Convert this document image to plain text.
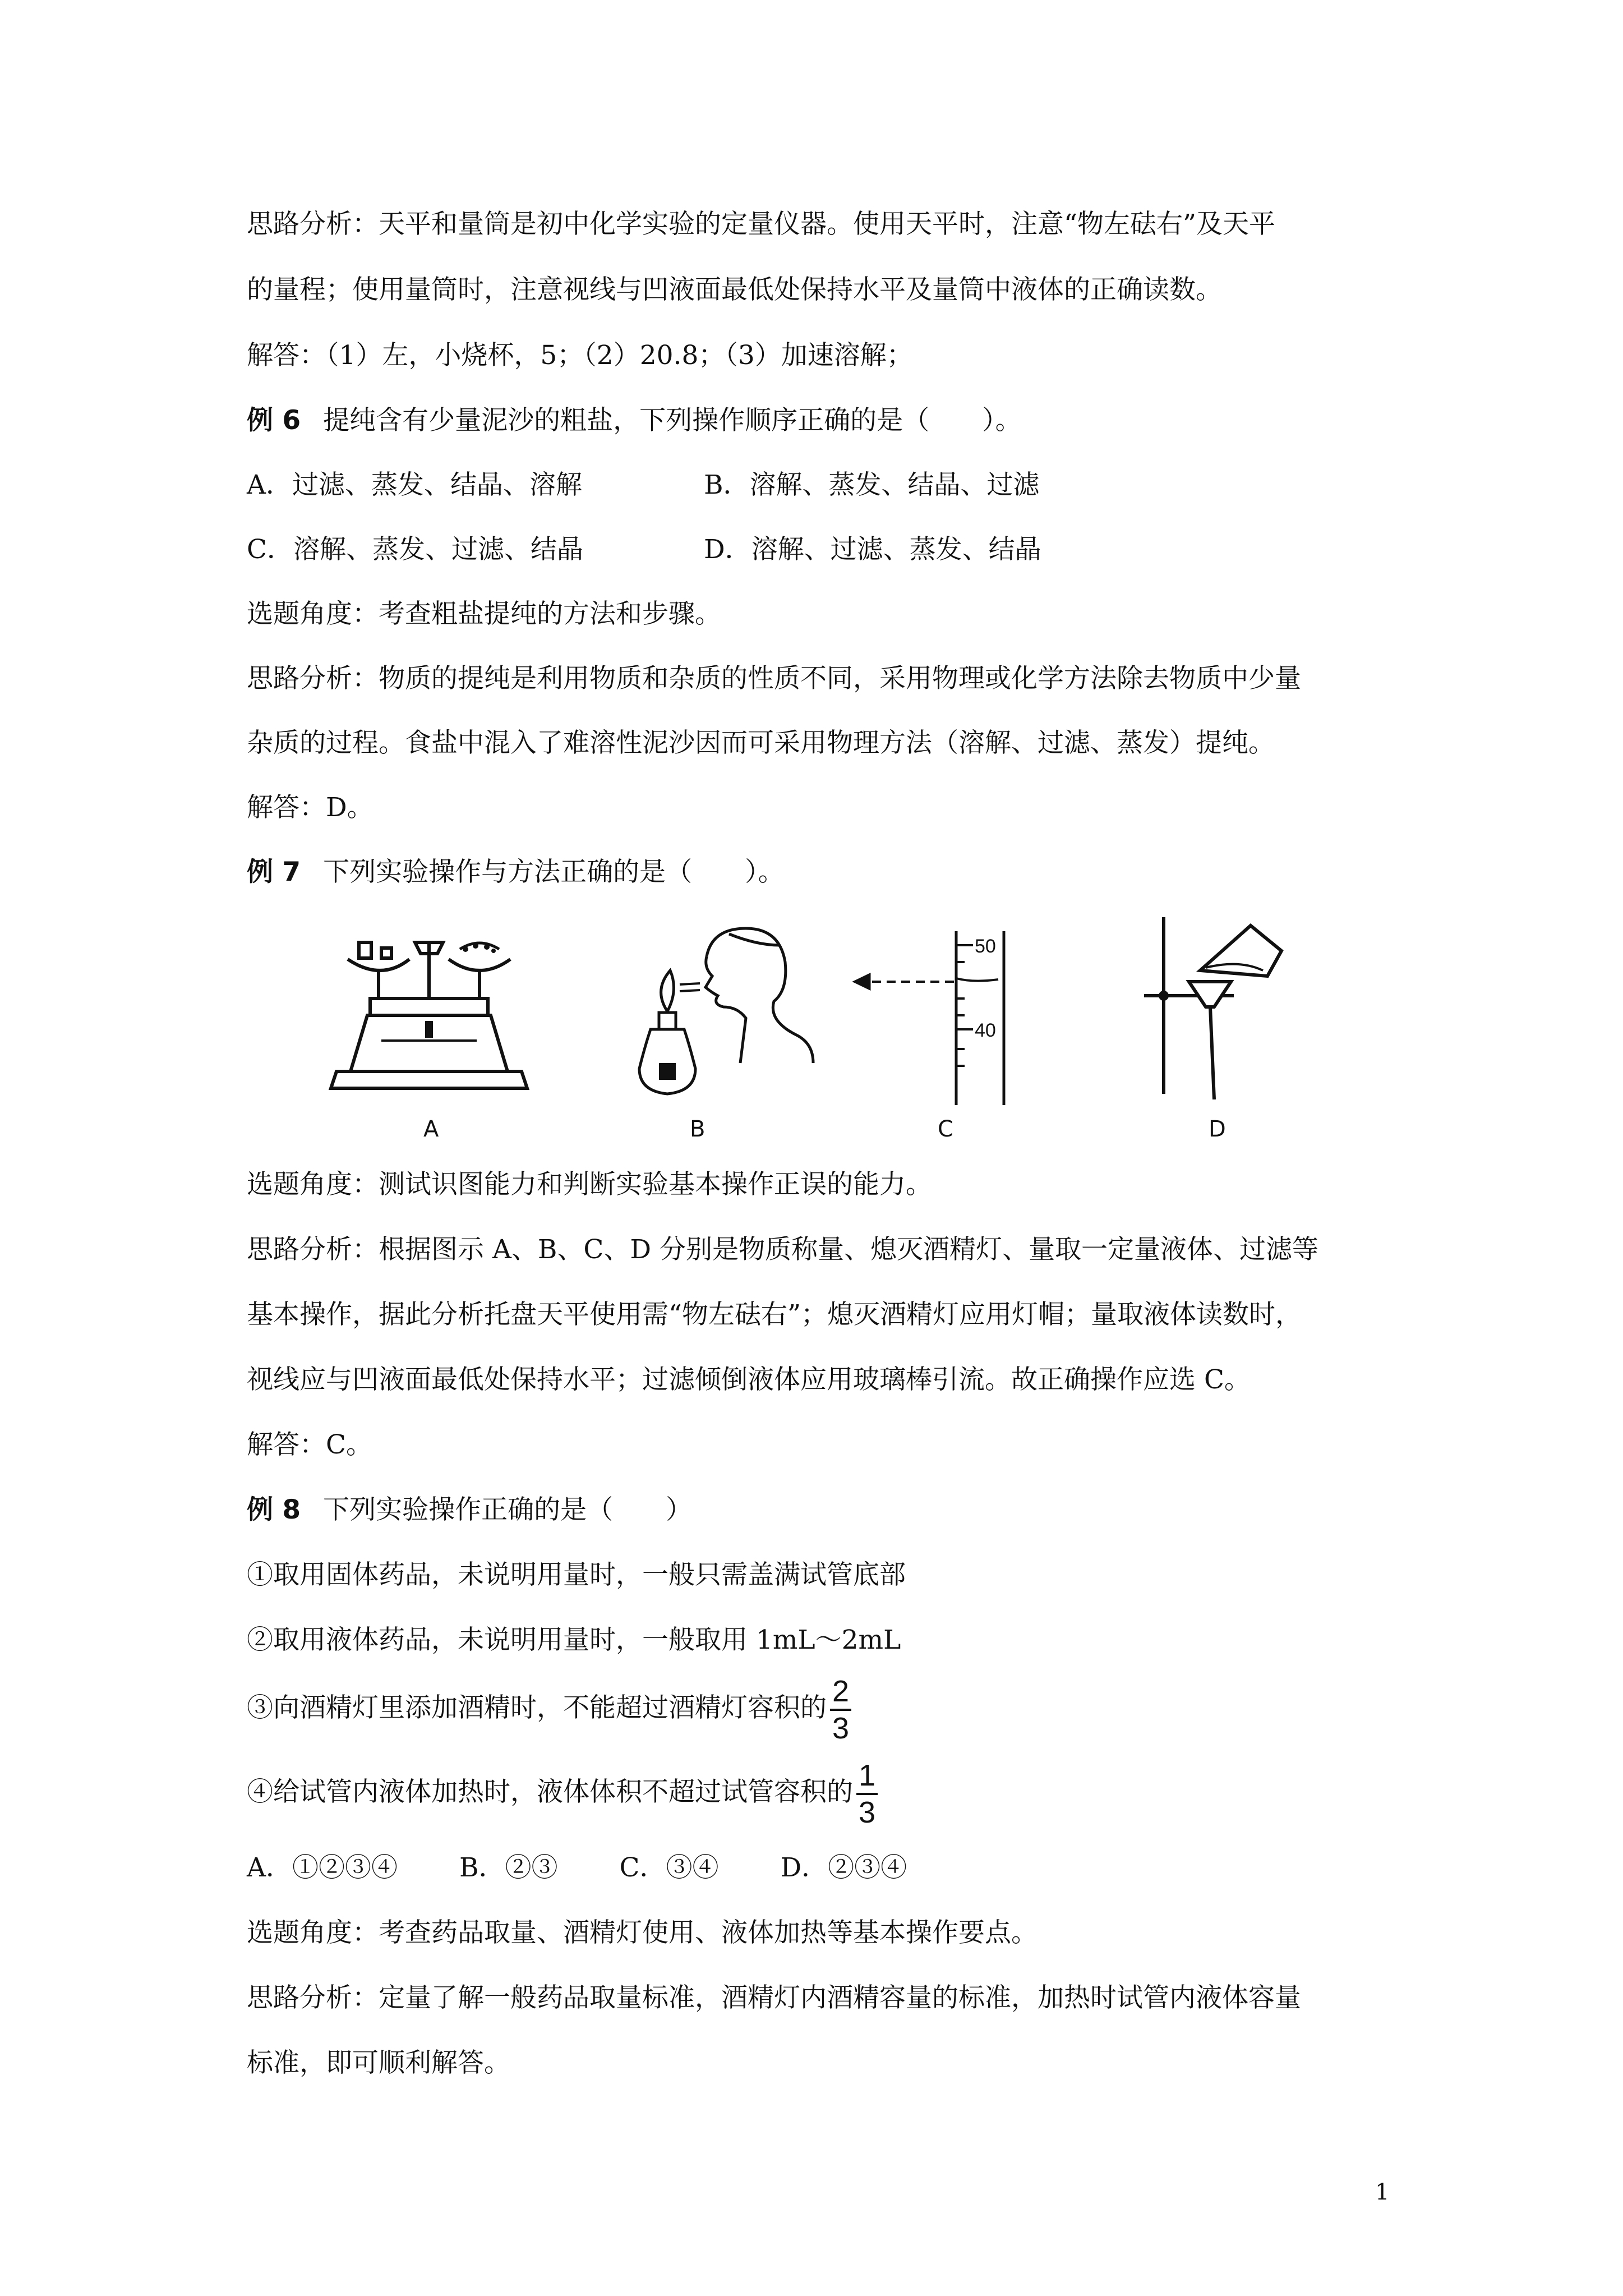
思路分析：天平和量筒是初中化学实验的定量仪器。使用天平时，注意“物左砝右”及天平
的量程；使用量筒时，注意视线与凹液面最低处保持水平及量筒中液体的正确读数。
解答：（1）左，小烧杯，5；（2）20.8；（3）加速溶解；
例 6 提纯含有少量泥沙的粗盐，下列操作顺序正确的是（　　）。
A．过滤、蒸发、结晶、溶解	B．溶解、蒸发、结晶、过滤
C．溶解、蒸发、过滤、结晶	D．溶解、过滤、蒸发、结晶
选题角度：考查粗盐提纯的方法和步骤。
思路分析：物质的提纯是利用物质和杂质的性质不同，采用物理或化学方法除去物质中少量
杂质的过程。食盐中混入了难溶性泥沙因而可采用物理方法（溶解、过滤、蒸发）提纯。
解答：D。
例 7 下列实验操作与方法正确的是（　　）。
A	B
50
40
C	D
选题角度：测试识图能力和判断实验基本操作正误的能力。
思路分析：根据图示 A、B、C、D 分别是物质称量、熄灭酒精灯、量取一定量液体、过滤等
基本操作，据此分析托盘天平使用需“物左砝右”；熄灭酒精灯应用灯帽；量取液体读数时，
视线应与凹液面最低处保持水平；过滤倾倒液体应用玻璃棒引流。故正确操作应选 C。
解答：C。
例 8 下列实验操作正确的是（　　）
①取用固体药品，未说明用量时，一般只需盖满试管底部
②取用液体药品，未说明用量时，一般取用 1mL～2mL
③向酒精灯里添加酒精时，不能超过酒精灯容积的 $\frac{2}{3}$
④给试管内液体加热时，液体体积不超过试管容积的 $\frac{1}{3}$
A．①②③④ B．②③ C．③④ D．②③④
选题角度：考查药品取量、酒精灯使用、液体加热等基本操作要点。
思路分析：定量了解一般药品取量标准，酒精灯内酒精容量的标准，加热时试管内液体容量
标准，即可顺利解答。
1
